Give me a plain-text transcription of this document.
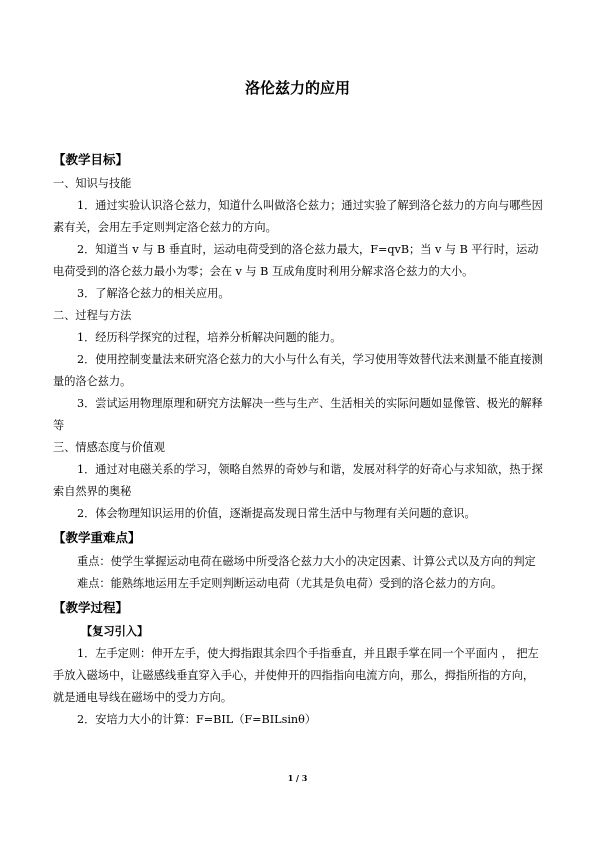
洛伦兹力的应用
【教学目标】
一、知识与技能

1．通过实验认识洛仑兹力，知道什么叫做洛仑兹力；通过实验了解到洛仑兹力的方向与哪些因素有关，会用左手定则判定洛仑兹力的方向。

2．知道当 v 与 B 垂直时，运动电荷受到的洛仑兹力最大，F=qvB；当 v 与 B 平行时，运动电荷受到的洛仑兹力最小为零；会在 v 与 B 互成角度时利用分解求洛仑兹力的大小。

3．了解洛仑兹力的相关应用。

二、过程与方法

1．经历科学探究的过程，培养分析解决问题的能力。

2．使用控制变量法来研究洛仑兹力的大小与什么有关，学习使用等效替代法来测量不能直接测量的洛仑兹力。

3．尝试运用物理原理和研究方法解决一些与生产、生活相关的实际问题如显像管、极光的解释等

三、情感态度与价值观

1．通过对电磁关系的学习，领略自然界的奇妙与和谐，发展对科学的好奇心与求知欲，热于探索自然界的奥秘

2．体会物理知识运用的价值，逐渐提高发现日常生活中与物理有关问题的意识。

【教学重难点】

重点：使学生掌握运动电荷在磁场中所受洛仑兹力大小的决定因素、计算公式以及方向的判定

难点：能熟练地运用左手定则判断运动电荷（尤其是负电荷）受到的洛仑兹力的方向。

【教学过程】
【复习引入】

1．左手定则：伸开左手，使大拇指跟其余四个手指垂直，并且跟手掌在同一个平面内 ， 把左手放入磁场中，让磁感线垂直穿入手心，并使伸开的四指指向电流方向，那么，拇指所指的方向，就是通电导线在磁场中的受力方向。

2．安培力大小的计算：F=BIL（F=BILsinθ）

1 / 3
